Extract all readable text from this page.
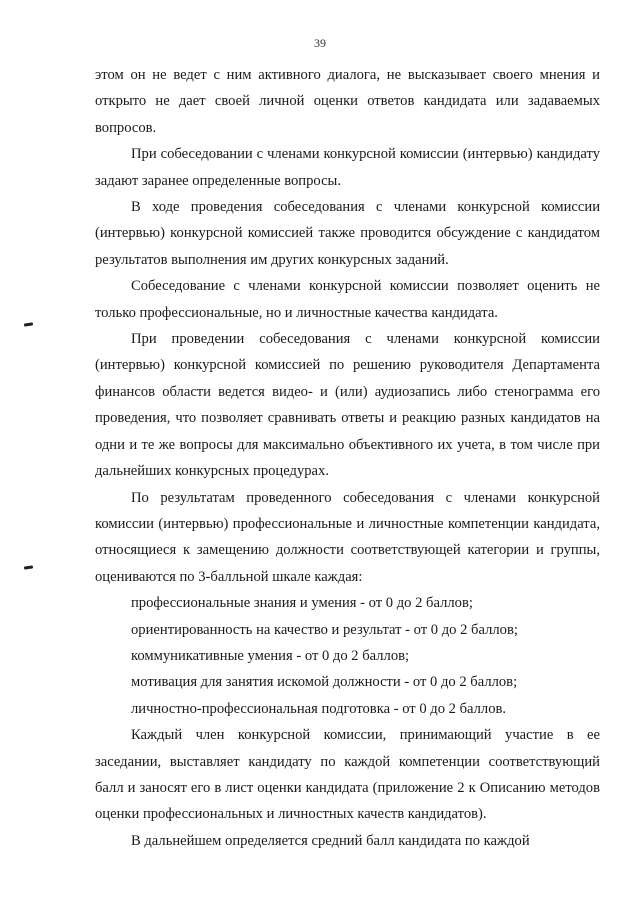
39

этом он не ведет с ним активного диалога, не высказывает своего мнения и открыто не дает своей личной оценки ответов кандидата или задаваемых вопросов.

При собеседовании с членами конкурсной комиссии (интервью) кандидату задают заранее определенные вопросы.

В ходе проведения собеседования с членами конкурсной комиссии (интервью) конкурсной комиссией также проводится обсуждение с кандидатом результатов выполнения им других конкурсных заданий.

Собеседование с членами конкурсной комиссии позволяет оценить не только профессиональные, но и личностные качества кандидата.

При проведении собеседования с членами конкурсной комиссии (интервью) конкурсной комиссией по решению руководителя Департамента финансов области ведется видео- и (или) аудиозапись либо стенограмма его проведения, что позволяет сравнивать ответы и реакцию разных кандидатов на одни и те же вопросы для максимально объективного их учета, в том числе при дальнейших конкурсных процедурах.

По результатам проведенного собеседования с членами конкурсной комиссии (интервью) профессиональные и личностные компетенции кандидата, относящиеся к замещению должности соответствующей категории и группы, оцениваются по 3-балльной шкале каждая:

профессиональные знания и умения - от 0 до 2 баллов;
ориентированность на качество и результат - от 0 до 2 баллов;
коммуникативные умения - от 0 до 2 баллов;
мотивация для занятия искомой должности - от 0 до 2 баллов;
личностно-профессиональная подготовка - от 0 до 2 баллов.

Каждый член конкурсной комиссии, принимающий участие в ее заседании, выставляет кандидату по каждой компетенции соответствующий балл и заносят его в лист оценки кандидата (приложение 2 к Описанию методов оценки профессиональных и личностных качеств кандидатов).

В дальнейшем определяется средний балл кандидата по каждой
